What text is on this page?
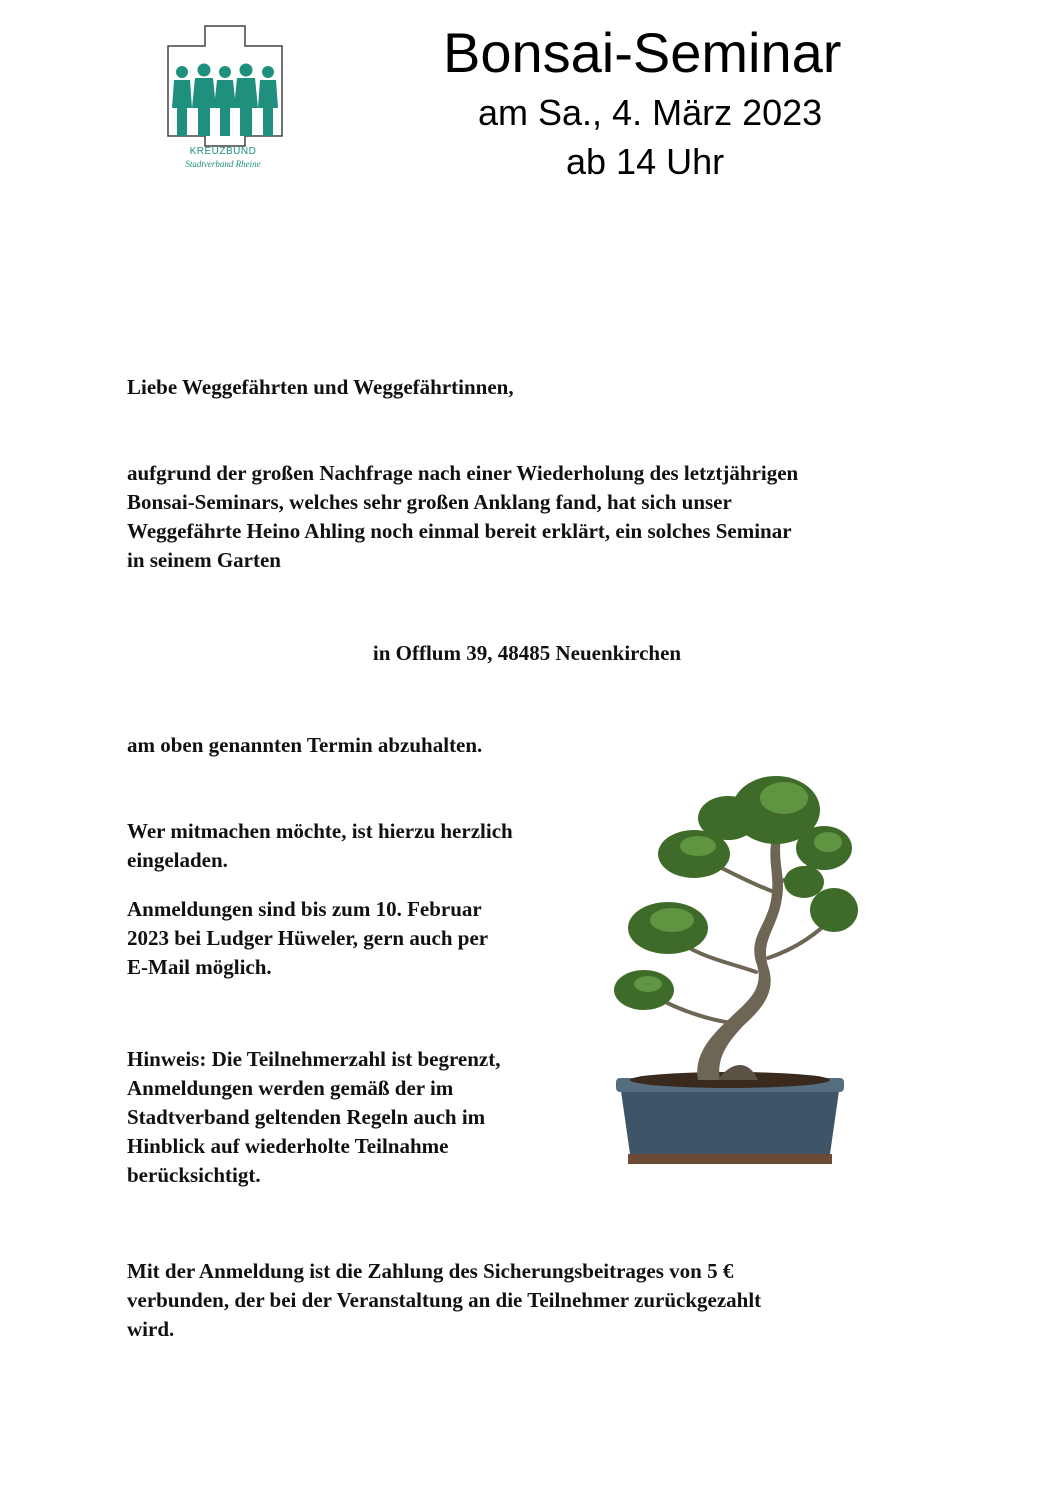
KREUZBUND
Stadtverband Rheine
Bonsai-Seminar
am Sa., 4. März 2023
ab 14 Uhr
Liebe Weggefährten und Weggefährtinnen,
aufgrund der großen Nachfrage nach einer Wiederholung des letztjährigen
Bonsai-Seminars, welches sehr großen Anklang fand, hat sich unser
Weggefährte Heino Ahling noch einmal bereit erklärt, ein solches Seminar
in seinem Garten
in Offlum 39, 48485 Neuenkirchen
am oben genannten Termin abzuhalten.
Wer mitmachen möchte, ist hierzu herzlich
eingeladen.
Anmeldungen sind bis zum 10. Februar
2023 bei Ludger Hüweler, gern auch per
E-Mail möglich.
Hinweis: Die Teilnehmerzahl ist begrenzt,
Anmeldungen werden gemäß der im
Stadtverband geltenden Regeln auch im
Hinblick auf wiederholte Teilnahme
berücksichtigt.
Mit der Anmeldung ist die Zahlung des Sicherungsbeitrages von 5 €
verbunden, der bei der Veranstaltung an die Teilnehmer zurückgezahlt
wird.
